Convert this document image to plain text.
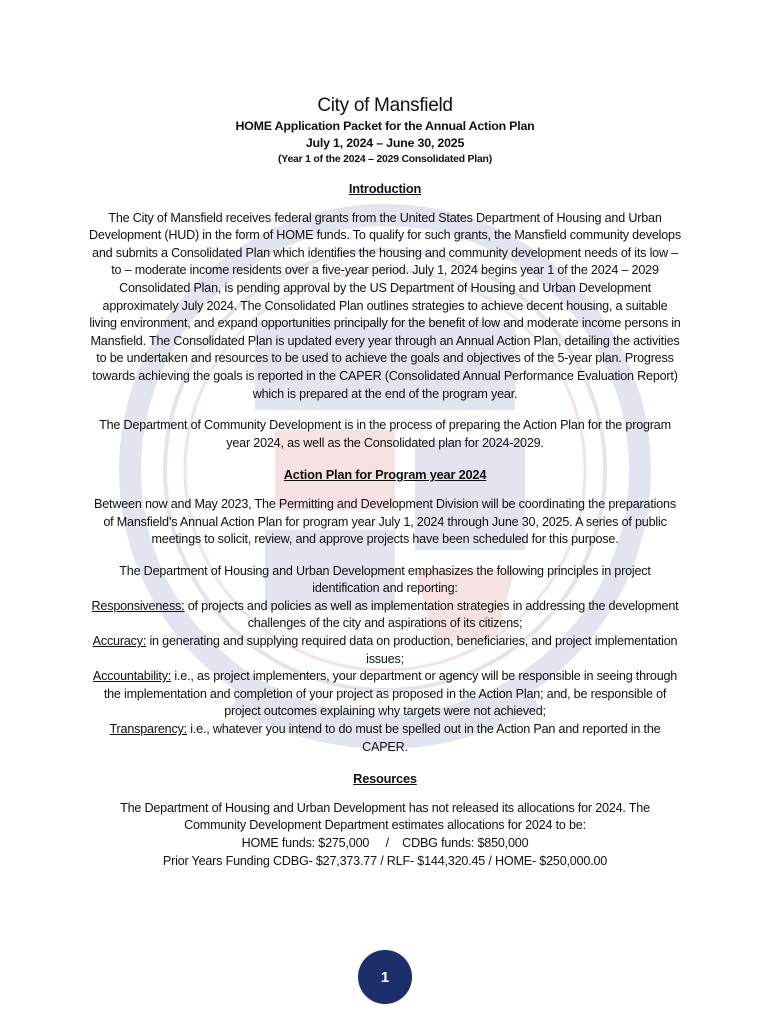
City of Mansfield

HOME Application Packet for the Annual Action Plan

July 1, 2024 – June 30, 2025

(Year 1 of the 2024 – 2029 Consolidated Plan)

Introduction

The City of Mansfield receives federal grants from the United States Department of Housing and Urban Development (HUD) in the form of HOME funds. To qualify for such grants, the Mansfield community develops and submits a Consolidated Plan which identifies the housing and community development needs of its low – to – moderate income residents over a five-year period. July 1, 2024 begins year 1 of the 2024 – 2029 Consolidated Plan, is pending approval by the US Department of Housing and Urban Development approximately July 2024. The Consolidated Plan outlines strategies to achieve decent housing, a suitable living environment, and expand opportunities principally for the benefit of low and moderate income persons in Mansfield. The Consolidated Plan is updated every year through an Annual Action Plan, detailing the activities to be undertaken and resources to be used to achieve the goals and objectives of the 5-year plan. Progress towards achieving the goals is reported in the CAPER (Consolidated Annual Performance Evaluation Report) which is prepared at the end of the program year.

The Department of Community Development is in the process of preparing the Action Plan for the program year 2024, as well as the Consolidated plan for 2024-2029.

Action Plan for Program year 2024

Between now and May 2023, The Permitting and Development Division will be coordinating the preparations of Mansfield’s Annual Action Plan for program year July 1, 2024 through June 30, 2025. A series of public meetings to solicit, review, and approve projects have been scheduled for this purpose.

The Department of Housing and Urban Development emphasizes the following principles in project identification and reporting:

Responsiveness: of projects and policies as well as implementation strategies in addressing the development challenges of the city and aspirations of its citizens;

Accuracy: in generating and supplying required data on production, beneficiaries, and project implementation issues;

Accountability: i.e., as project implementers, your department or agency will be responsible in seeing through the implementation and completion of your project as proposed in the Action Plan; and, be responsible of project outcomes explaining why targets were not achieved;

Transparency: i.e., whatever you intend to do must be spelled out in the Action Pan and reported in the CAPER.

Resources

The Department of Housing and Urban Development has not released its allocations for 2024. The Community Development Department estimates allocations for 2024 to be:

HOME funds: $275,000     /    CDBG funds: $850,000

Prior Years Funding CDBG- $27,373.77 / RLF- $144,320.45 / HOME- $250,000.00

1
